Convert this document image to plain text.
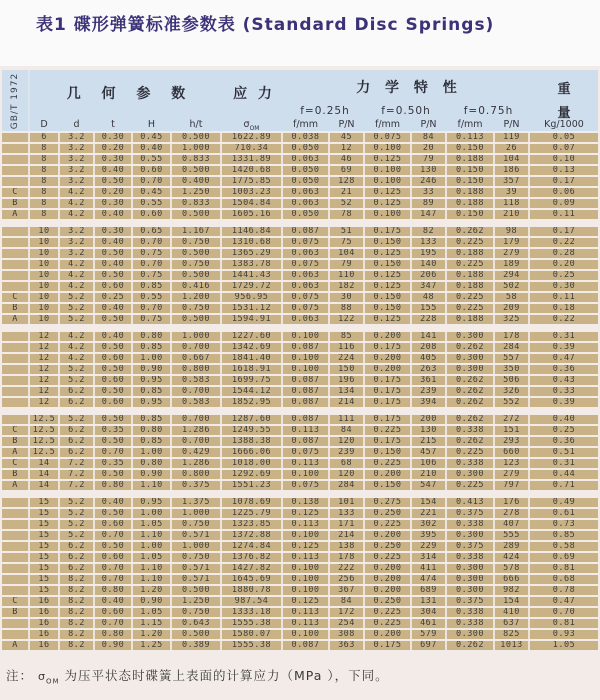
表1 碟形弹簧标准参数表 (Standard Disc Springs)
GB/T 1972	几 何 参 数	应 力	力 学 特 性	重
量
f=0.25h	f=0.50h	f=0.75h
D	d	t	H	h/t	$\sigma_{OM}$	f/mm	P/N	f/mm	P/N	f/mm	P/N	Kg/1000
6	3.2	0.30	0.45	0.500	1622.89	0.038	45	0.075	84	0.113	119	0.05
8	3.2	0.20	0.40	1.000	710.34	0.050	12	0.100	20	0.150	26	0.07
8	3.2	0.30	0.55	0.833	1331.89	0.063	46	0.125	79	0.188	104	0.10
8	3.2	0.40	0.60	0.500	1420.68	0.050	69	0.100	130	0.150	186	0.13
8	3.2	0.50	0.70	0.400	1775.85	0.050	128	0.100	246	0.150	357	0.17
C	8	4.2	0.20	0.45	1.250	1003.23	0.063	21	0.125	33	0.188	39	0.06
B	8	4.2	0.30	0.55	0.833	1504.84	0.063	52	0.125	89	0.188	118	0.09
A	8	4.2	0.40	0.60	0.500	1605.16	0.050	78	0.100	147	0.150	210	0.11
10	3.2	0.30	0.65	1.167	1146.84	0.087	51	0.175	82	0.262	98	0.17
10	3.2	0.40	0.70	0.750	1310.68	0.075	75	0.150	133	0.225	179	0.22
10	3.2	0.50	0.75	0.500	1365.29	0.063	104	0.125	195	0.188	279	0.28
10	4.2	0.40	0.70	0.750	1383.78	0.075	79	0.150	140	0.225	189	0.20
10	4.2	0.50	0.75	0.500	1441.43	0.063	110	0.125	206	0.188	294	0.25
10	4.2	0.60	0.85	0.416	1729.72	0.063	182	0.125	347	0.188	502	0.30
C	10	5.2	0.25	0.55	1.200	956.95	0.075	30	0.150	48	0.225	58	0.11
B	10	5.2	0.40	0.70	0.750	1531.12	0.075	88	0.150	155	0.225	209	0.18
A	10	5.2	0.50	0.75	0.500	1594.91	0.063	122	0.125	228	0.188	325	0.22
12	4.2	0.40	0.80	1.000	1227.60	0.100	85	0.200	141	0.300	178	0.31
12	4.2	0.50	0.85	0.700	1342.69	0.087	116	0.175	208	0.262	284	0.39
12	4.2	0.60	1.00	0.667	1841.40	0.100	224	0.200	405	0.300	557	0.47
12	5.2	0.50	0.90	0.800	1618.91	0.100	150	0.200	263	0.300	350	0.36
12	5.2	0.60	0.95	0.583	1699.75	0.087	196	0.175	361	0.262	506	0.43
12	6.2	0.50	0.85	0.700	1544.12	0.087	134	0.175	239	0.262	326	0.33
12	6.2	0.60	0.95	0.583	1852.95	0.087	214	0.175	394	0.262	552	0.39
12.5	5.2	0.50	0.85	0.700	1287.60	0.087	111	0.175	200	0.262	272	0.40
C	12.5	6.2	0.35	0.80	1.286	1249.55	0.113	84	0.225	130	0.338	151	0.25
B	12.5	6.2	0.50	0.85	0.700	1388.38	0.087	120	0.175	215	0.262	293	0.36
A	12.5	6.2	0.70	1.00	0.429	1666.06	0.075	239	0.150	457	0.225	660	0.51
C	14	7.2	0.35	0.80	1.286	1018.00	0.113	68	0.225	106	0.338	123	0.31
B	14	7.2	0.50	0.90	0.800	1292.69	0.100	120	0.200	210	0.300	279	0.44
A	14	7.2	0.80	1.10	0.375	1551.23	0.075	284	0.150	547	0.225	797	0.71
15	5.2	0.40	0.95	1.375	1078.69	0.138	101	0.275	154	0.413	176	0.49
15	5.2	0.50	1.00	1.000	1225.79	0.125	133	0.250	221	0.375	278	0.61
15	5.2	0.60	1.05	0.750	1323.85	0.113	171	0.225	302	0.338	407	0.73
15	5.2	0.70	1.10	0.571	1372.88	0.100	214	0.200	395	0.300	555	0.85
15	6.2	0.50	1.00	1.000	1274.84	0.125	138	0.250	229	0.375	289	0.58
15	6.2	0.60	1.05	0.750	1376.82	0.113	178	0.225	314	0.338	424	0.69
15	6.2	0.70	1.10	0.571	1427.82	0.100	222	0.200	411	0.300	578	0.81
15	8.2	0.70	1.10	0.571	1645.69	0.100	256	0.200	474	0.300	666	0.68
15	8.2	0.80	1.20	0.500	1880.78	0.100	367	0.200	689	0.300	982	0.78
C	16	8.2	0.40	0.90	1.250	987.54	0.125	84	0.250	131	0.375	154	0.47
B	16	8.2	0.60	1.05	0.750	1333.18	0.113	172	0.225	304	0.338	410	0.70
16	8.2	0.70	1.15	0.643	1555.38	0.113	254	0.225	461	0.338	637	0.81
16	8.2	0.80	1.20	0.500	1580.07	0.100	308	0.200	579	0.300	825	0.93
A	16	8.2	0.90	1.25	0.389	1555.38	0.087	363	0.175	697	0.262	1013	1.05
注： $\sigma_{OM}$ 为压平状态时碟簧上表面的计算应力（MPa ），下同。
